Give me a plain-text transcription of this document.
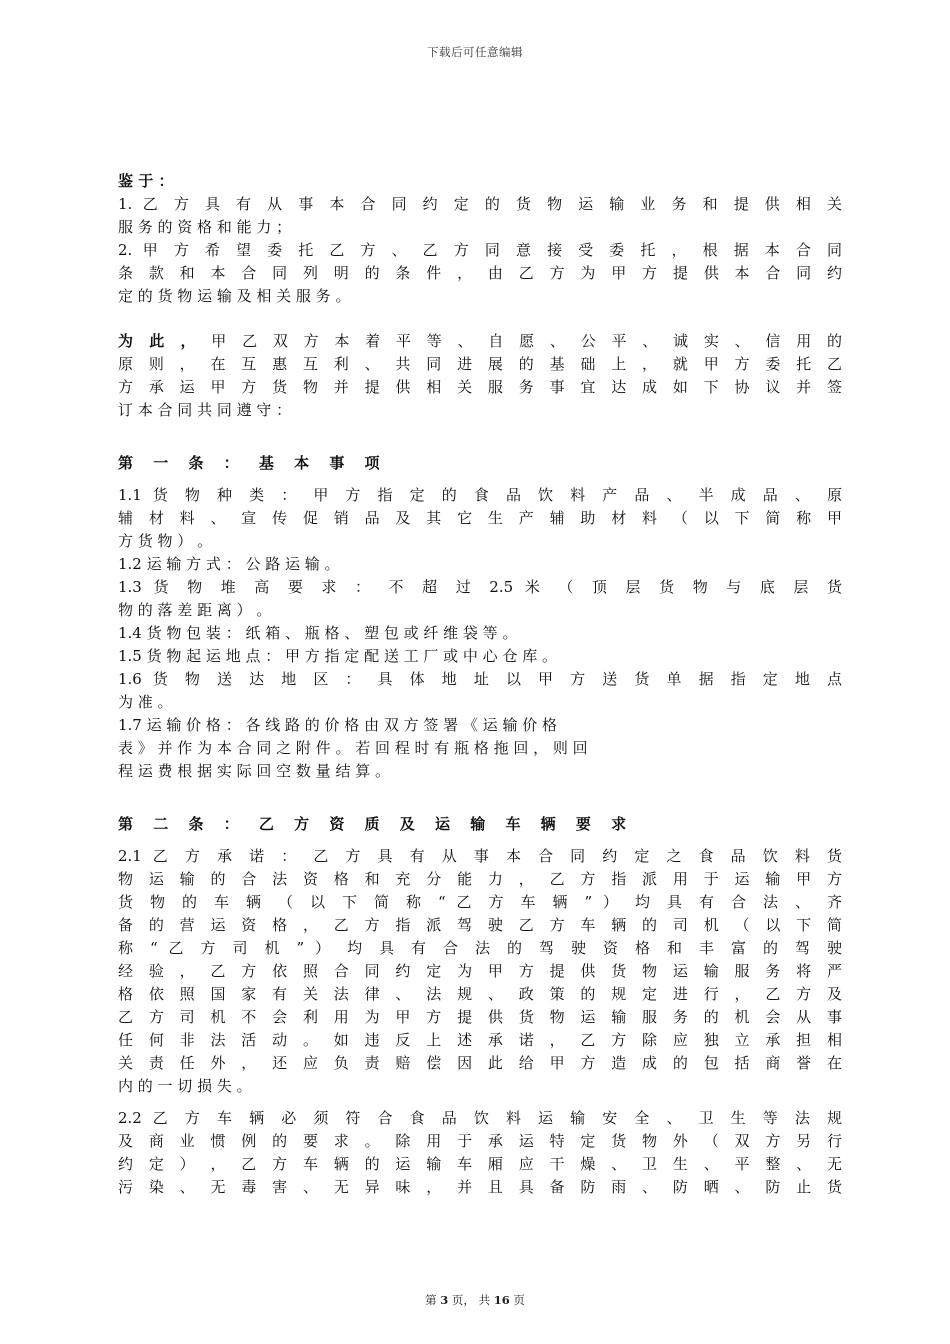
下载后可任意编辑
鉴 于 ：
1. 乙 方 具 有 从 事 本 合 同 约 定 的 货 物 运 输 业 务 和 提 供 相 关
服 务 的 资 格 和 能 力 ；
2. 甲 方 希 望 委 托 乙 方 、 乙 方 同 意 接 受 委 托 ， 根 据 本 合 同
条 款 和 本 合 同 列 明 的 条 件 ， 由 乙 方 为 甲 方 提 供 本 合 同 约
定 的 货 物 运 输 及 相 关 服 务 。
为 此 ， 甲 乙 双 方 本 着 平 等 、 自 愿 、 公 平 、 诚 实 、 信 用 的
原 则 ， 在 互 惠 互 利 、 共 同 进 展 的 基 础 上 ， 就 甲 方 委 托 乙
方 承 运 甲 方 货 物 并 提 供 相 关 服 务 事 宜 达 成 如 下 协 议 并 签
订 本 合 同 共 同 遵 守 ：
第 一 条 ： 基 本 事 项
1.1 货 物 种 类 ： 甲 方 指 定 的 食 品 饮 料 产 品 、 半 成 品 、 原
辅 材 料 、 宣 传 促 销 品 及 其 它 生 产 辅 助 材 料 （ 以 下 简 称 甲
方 货 物 ） 。
1.2 运 输 方 式 ： 公 路 运 输 。
1.3 货 物 堆 高 要 求 ： 不 超 过 2.5 米 （ 顶 层 货 物 与 底 层 货
物 的 落 差 距 离 ） 。
1.4 货 物 包 装 ： 纸 箱 、 瓶 格 、 塑 包 或 纤 维 袋 等 。
1.5 货 物 起 运 地 点 ： 甲 方 指 定 配 送 工 厂 或 中 心 仓 库 。
1.6 货 物 送 达 地 区 ： 具 体 地 址 以 甲 方 送 货 单 据 指 定 地 点
为 准 。
1.7 运 输 价 格 ： 各 线 路 的 价 格 由 双 方 签 署 《 运 输 价 格
表 》 并 作 为 本 合 同 之 附 件 。 若 回 程 时 有 瓶 格 拖 回 ， 则 回
程 运 费 根 据 实 际 回 空 数 量 结 算 。
第 二 条 ： 乙 方 资 质 及 运 输 车 辆 要 求
2.1 乙 方 承 诺 ： 乙 方 具 有 从 事 本 合 同 约 定 之 食 品 饮 料 货
物 运 输 的 合 法 资 格 和 充 分 能 力 ， 乙 方 指 派 用 于 运 输 甲 方
货 物 的 车 辆 （ 以 下 简 称 “ 乙 方 车 辆 ” ） 均 具 有 合 法 、 齐
备 的 营 运 资 格 ， 乙 方 指 派 驾 驶 乙 方 车 辆 的 司 机 （ 以 下 简
称 “ 乙 方 司 机 ” ） 均 具 有 合 法 的 驾 驶 资 格 和 丰 富 的 驾 驶
经 验 ， 乙 方 依 照 合 同 约 定 为 甲 方 提 供 货 物 运 输 服 务 将 严
格 依 照 国 家 有 关 法 律 、 法 规 、 政 策 的 规 定 进 行 ， 乙 方 及
乙 方 司 机 不 会 利 用 为 甲 方 提 供 货 物 运 输 服 务 的 机 会 从 事
任 何 非 法 活 动 。 如 违 反 上 述 承 诺 ， 乙 方 除 应 独 立 承 担 相
关 责 任 外 ， 还 应 负 责 赔 偿 因 此 给 甲 方 造 成 的 包 括 商 誉 在
内 的 一 切 损 失 。
2.2 乙 方 车 辆 必 须 符 合 食 品 饮 料 运 输 安 全 、 卫 生 等 法 规
及 商 业 惯 例 的 要 求 。 除 用 于 承 运 特 定 货 物 外 （ 双 方 另 行
约 定 ） ， 乙 方 车 辆 的 运 输 车 厢 应 干 燥 、 卫 生 、 平 整 、 无
污 染 、 无 毒 害 、 无 异 味 ， 并 且 具 备 防 雨 、 防 晒 、 防 止 货
第 3 页， 共 16 页
